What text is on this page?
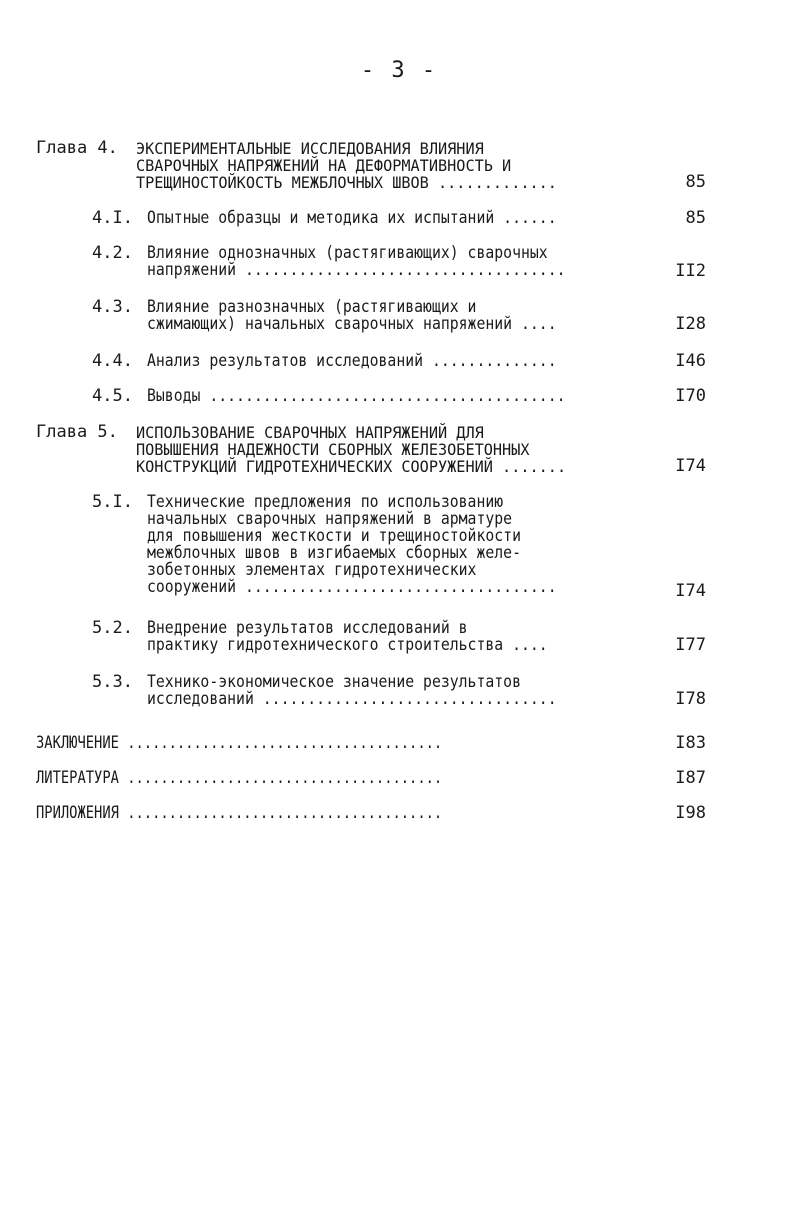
- 3 -
Глава 4. ЭКСПЕРИМЕНТАЛЬНЫЕ ИССЛЕДОВАНИЯ ВЛИЯНИЯ
СВАРОЧНЫХ НАПРЯЖЕНИЙ НА ДЕФОРМАТИВНОСТЬ И
ТРЕЩИНОСТОЙКОСТЬ МЕЖБЛОЧНЫХ ШВОВ .............	85
4.I. Опытные образцы и методика их испытаний ......	85
4.2. Влияние однозначных (растягивающих) сварочных
напряжений ....................................	II2
4.3. Влияние разнозначных (растягивающих и
сжимающих) начальных сварочных напряжений ....	I28
4.4. Анализ результатов исследований ..............	I46
4.5. Выводы ........................................	I70
Глава 5. ИСПОЛЬЗОВАНИЕ СВАРОЧНЫХ НАПРЯЖЕНИЙ ДЛЯ
ПОВЫШЕНИЯ НАДЕЖНОСТИ СБОРНЫХ ЖЕЛЕЗОБЕТОННЫХ
КОНСТРУКЦИЙ ГИДРОТЕХНИЧЕСКИХ СООРУЖЕНИЙ .......	I74
5.I. Технические предложения по использованию
начальных сварочных напряжений в арматуре
для повышения жесткости и трещиностойкости
межблочных швов в изгибаемых сборных желе-
зобетонных элементах гидротехнических
сооружений ...................................	I74
5.2. Внедрение результатов исследований в
практику гидротехнического строительства ....	I77
5.3. Технико-экономическое значение результатов
исследований .................................	I78
ЗАКЛЮЧЕНИЕ ......................................	I83
ЛИТЕРАТУРА ......................................	I87
ПРИЛОЖЕНИЯ ......................................	I98
